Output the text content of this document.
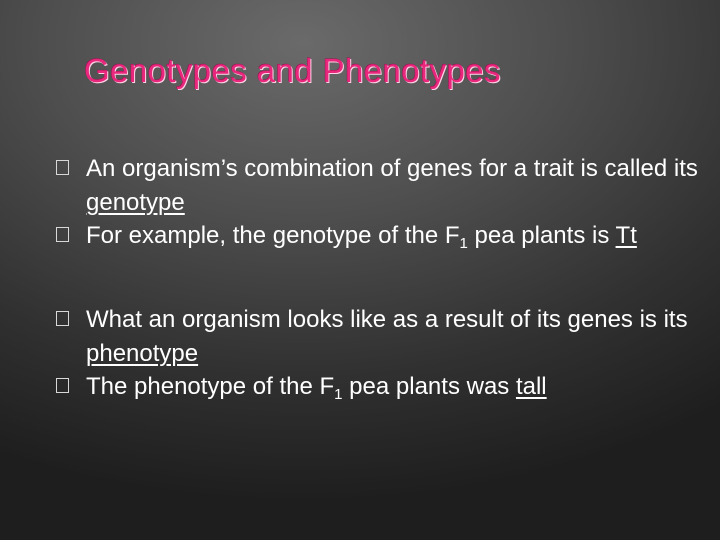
Genotypes and Phenotypes

An organism’s combination of genes for a trait is called its genotype

For example, the genotype of the $F_1$ pea plants is Tt

What an organism looks like as a result of its genes is its phenotype

The phenotype of the $F_1$ pea plants was tall
